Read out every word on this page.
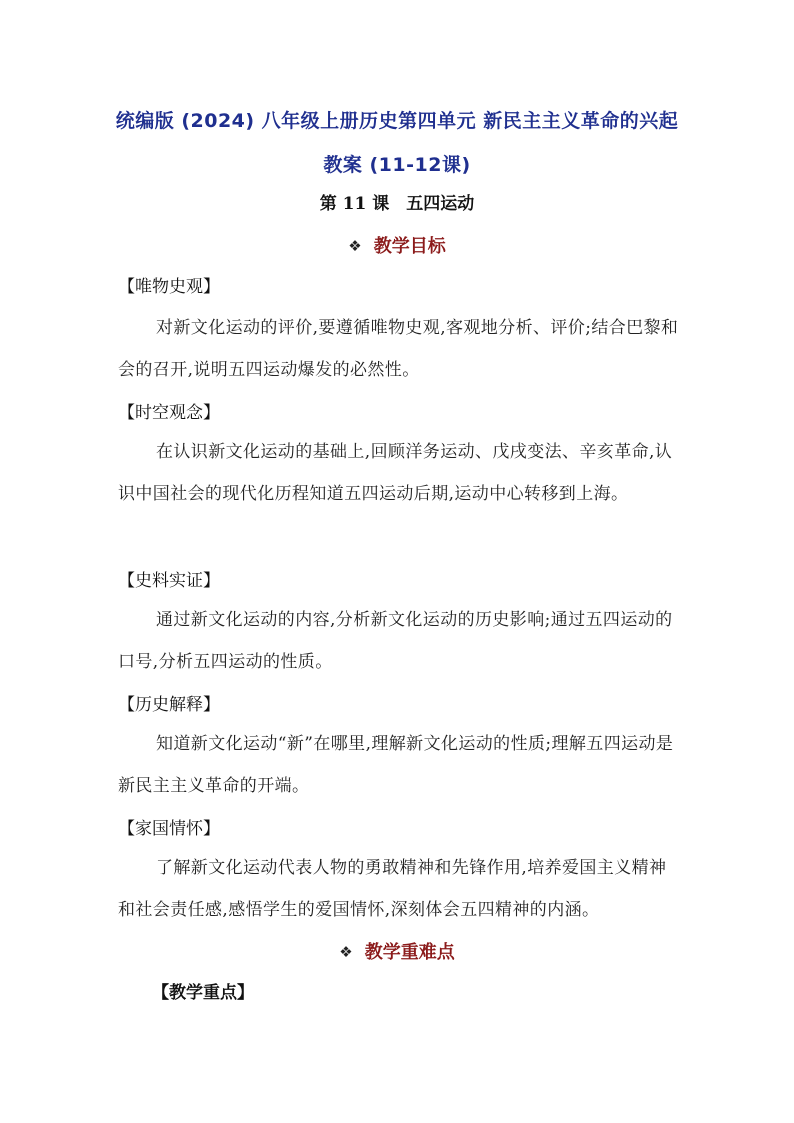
统编版 (2024) 八年级上册历史第四单元 新民主主义革命的兴起
教案 (11-12课)
第 11 课　五四运动
❖ 教学目标
【唯物史观】
对新文化运动的评价,要遵循唯物史观,客观地分析、评价;结合巴黎和会的召开,说明五四运动爆发的必然性。
【时空观念】
在认识新文化运动的基础上,回顾洋务运动、戊戌变法、辛亥革命,认识中国社会的现代化历程知道五四运动后期,运动中心转移到上海。
【史料实证】
通过新文化运动的内容,分析新文化运动的历史影响;通过五四运动的口号,分析五四运动的性质。
【历史解释】
知道新文化运动“新”在哪里,理解新文化运动的性质;理解五四运动是新民主主义革命的开端。
【家国情怀】
了解新文化运动代表人物的勇敢精神和先锋作用,培养爱国主义精神和社会责任感,感悟学生的爱国情怀,深刻体会五四精神的内涵。
❖ 教学重难点
【教学重点】
